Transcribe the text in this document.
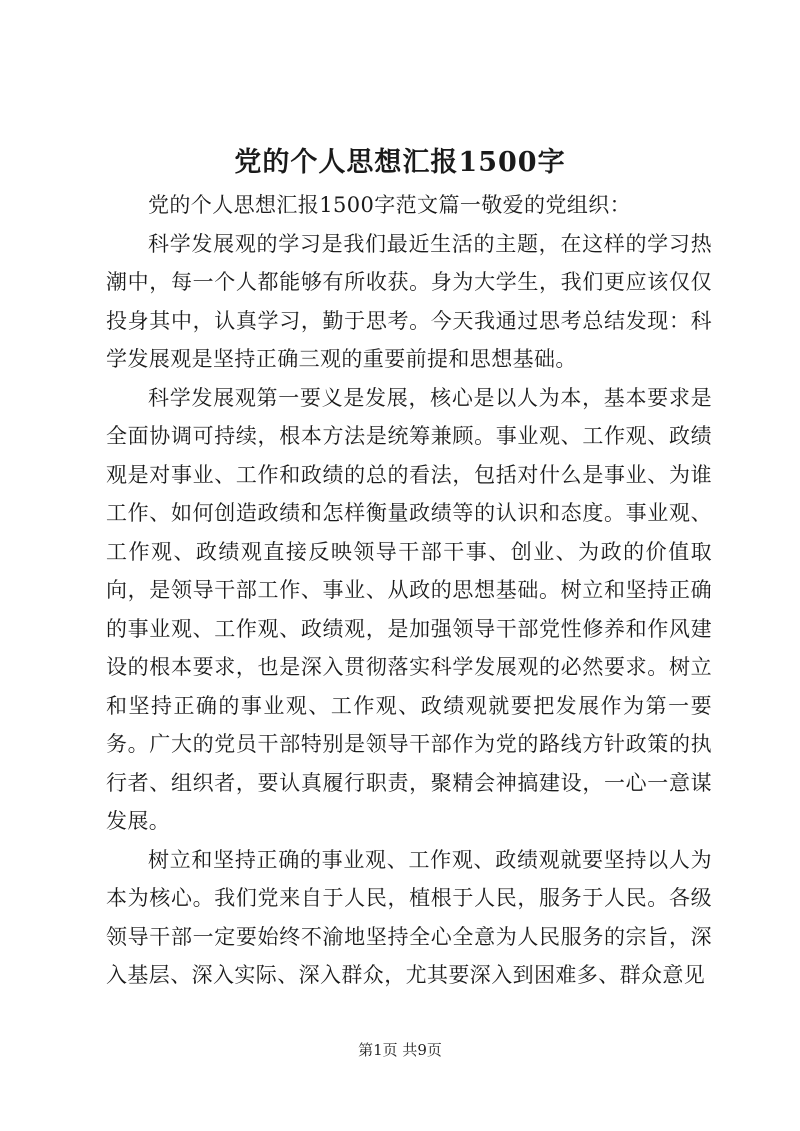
党的个人思想汇报1500字

党的个人思想汇报1500字范文篇一敬爱的党组织：

科学发展观的学习是我们最近生活的主题，在这样的学习热潮中，每一个人都能够有所收获。身为大学生，我们更应该仅仅投身其中，认真学习，勤于思考。今天我通过思考总结发现：科学发展观是坚持正确三观的重要前提和思想基础。

科学发展观第一要义是发展，核心是以人为本，基本要求是全面协调可持续，根本方法是统筹兼顾。事业观、工作观、政绩观是对事业、工作和政绩的总的看法，包括对什么是事业、为谁工作、如何创造政绩和怎样衡量政绩等的认识和态度。事业观、工作观、政绩观直接反映领导干部干事、创业、为政的价值取向，是领导干部工作、事业、从政的思想基础。树立和坚持正确的事业观、工作观、政绩观，是加强领导干部党性修养和作风建设的根本要求，也是深入贯彻落实科学发展观的必然要求。树立和坚持正确的事业观、工作观、政绩观就要把发展作为第一要务。广大的党员干部特别是领导干部作为党的路线方针政策的执行者、组织者，要认真履行职责，聚精会神搞建设，一心一意谋发展。

树立和坚持正确的事业观、工作观、政绩观就要坚持以人为本为核心。我们党来自于人民，植根于人民，服务于人民。各级领导干部一定要始终不渝地坚持全心全意为人民服务的宗旨，深入基层、深入实际、深入群众，尤其要深入到困难多、群众意见

第1页 共9页
